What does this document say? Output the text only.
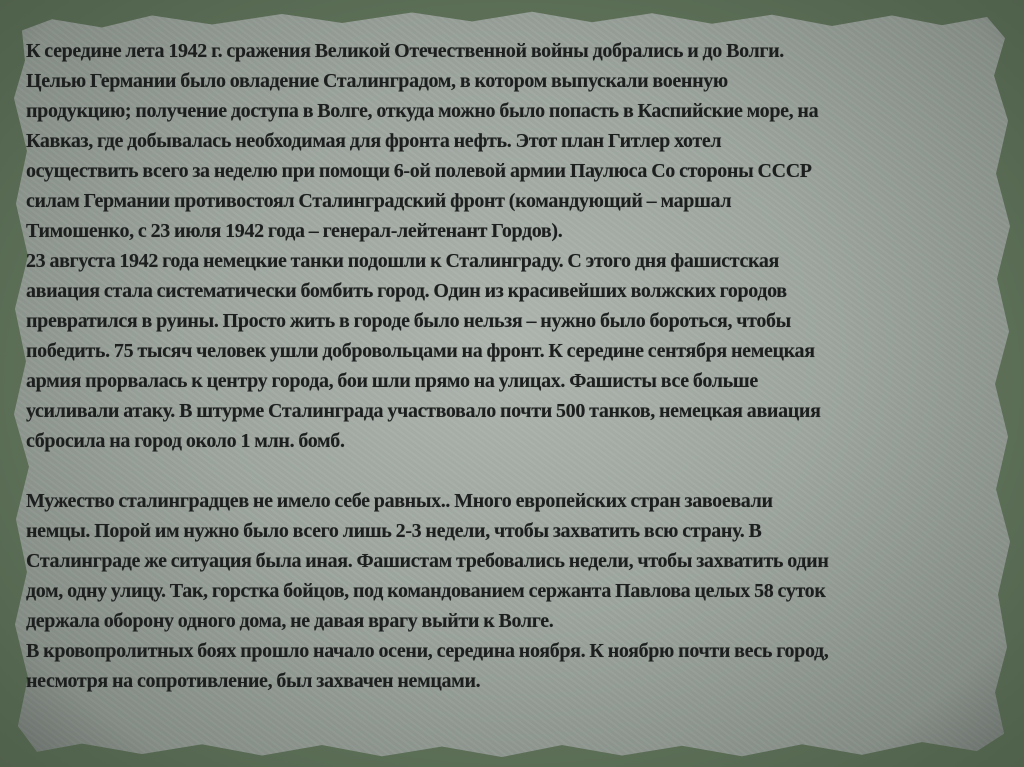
К середине лета 1942 г. сражения Великой Отечественной войны добрались и до Волги.
Целью Германии было овладение Сталинградом, в котором выпускали военную
продукцию; получение доступа в Волге, откуда можно было попасть в Каспийские море, на
Кавказ, где добывалась необходимая для фронта нефть. Этот план Гитлер хотел
осуществить всего за неделю при помощи 6-ой полевой армии Паулюса Со стороны СССР
силам Германии противостоял Сталинградский фронт (командующий – маршал
Тимошенко, с 23 июля 1942 года – генерал-лейтенант Гордов).
23 августа 1942 года немецкие танки подошли к Сталинграду. С этого дня фашистская
авиация стала систематически бомбить город. Один из красивейших волжских городов
превратился в руины. Просто жить в городе было нельзя – нужно было бороться, чтобы
победить. 75 тысяч человек ушли добровольцами на фронт. К середине сентября немецкая
армия прорвалась к центру города, бои шли прямо на улицах. Фашисты все больше
усиливали атаку. В штурме Сталинграда участвовало почти 500 танков, немецкая авиация
сбросила на город около 1 млн. бомб.
Мужество сталинградцев не имело себе равных.. Много европейских стран завоевали
немцы. Порой им нужно было всего лишь 2-3 недели, чтобы захватить всю страну. В
Сталинграде же ситуация была иная. Фашистам требовались недели, чтобы захватить один
дом, одну улицу. Так, горстка бойцов, под командованием сержанта Павлова целых 58 суток
держала оборону одного дома, не давая врагу выйти к Волге.
В кровопролитных боях прошло начало осени, середина ноября. К ноябрю почти весь город,
несмотря на сопротивление, был захвачен немцами.
